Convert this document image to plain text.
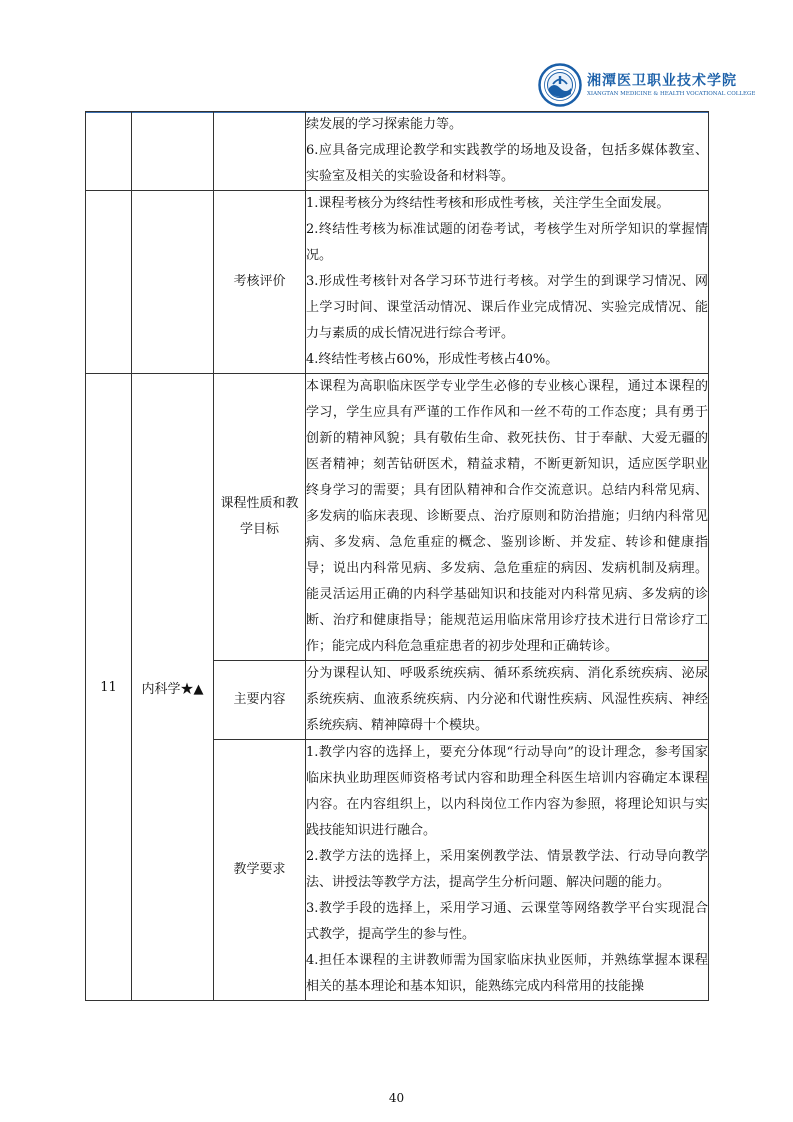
湘潭医卫职业技术学院
XIANGTAN MEDICINE & HEALTH VOCATIONAL COLLEGE

			续发展的学习探索能力等。

6.应具备完成理论教学和实践教学的场地及设备，包括多媒体教室、实验室及相关的实验设备和材料等。

		考核评价	1.课程考核分为终结性考核和形成性考核，关注学生全面发展。

2.终结性考核为标准试题的闭卷考试，考核学生对所学知识的掌握情况。

3.形成性考核针对各学习环节进行考核。对学生的到课学习情况、网上学习时间、课堂活动情况、课后作业完成情况、实验完成情况、能力与素质的成长情况进行综合考评。

4.终结性考核占60%，形成性考核占40%。

11	内科学★▲	课程性质和教学目标	本课程为高职临床医学专业学生必修的专业核心课程，通过本课程的学习，学生应具有严谨的工作作风和一丝不苟的工作态度；具有勇于创新的精神风貌；具有敬佑生命、救死扶伤、甘于奉献、大爱无疆的医者精神；刻苦钻研医术，精益求精，不断更新知识，适应医学职业终身学习的需要；具有团队精神和合作交流意识。总结内科常见病、多发病的临床表现、诊断要点、治疗原则和防治措施；归纳内科常见病、多发病、急危重症的概念、鉴别诊断、并发症、转诊和健康指导；说出内科常见病、多发病、急危重症的病因、发病机制及病理。能灵活运用正确的内科学基础知识和技能对内科常见病、多发病的诊断、治疗和健康指导；能规范运用临床常用诊疗技术进行日常诊疗工作；能完成内科危急重症患者的初步处理和正确转诊。

		主要内容	分为课程认知、呼吸系统疾病、循环系统疾病、消化系统疾病、泌尿系统疾病、血液系统疾病、内分泌和代谢性疾病、风湿性疾病、神经系统疾病、精神障碍十个模块。

		教学要求	1.教学内容的选择上，要充分体现“行动导向”的设计理念，参考国家临床执业助理医师资格考试内容和助理全科医生培训内容确定本课程内容。在内容组织上，以内科岗位工作内容为参照，将理论知识与实践技能知识进行融合。

2.教学方法的选择上，采用案例教学法、情景教学法、行动导向教学法、讲授法等教学方法，提高学生分析问题、解决问题的能力。

3.教学手段的选择上，采用学习通、云课堂等网络教学平台实现混合式教学，提高学生的参与性。

4.担任本课程的主讲教师需为国家临床执业医师，并熟练掌握本课程相关的基本理论和基本知识，能熟练完成内科常用的技能操

40
